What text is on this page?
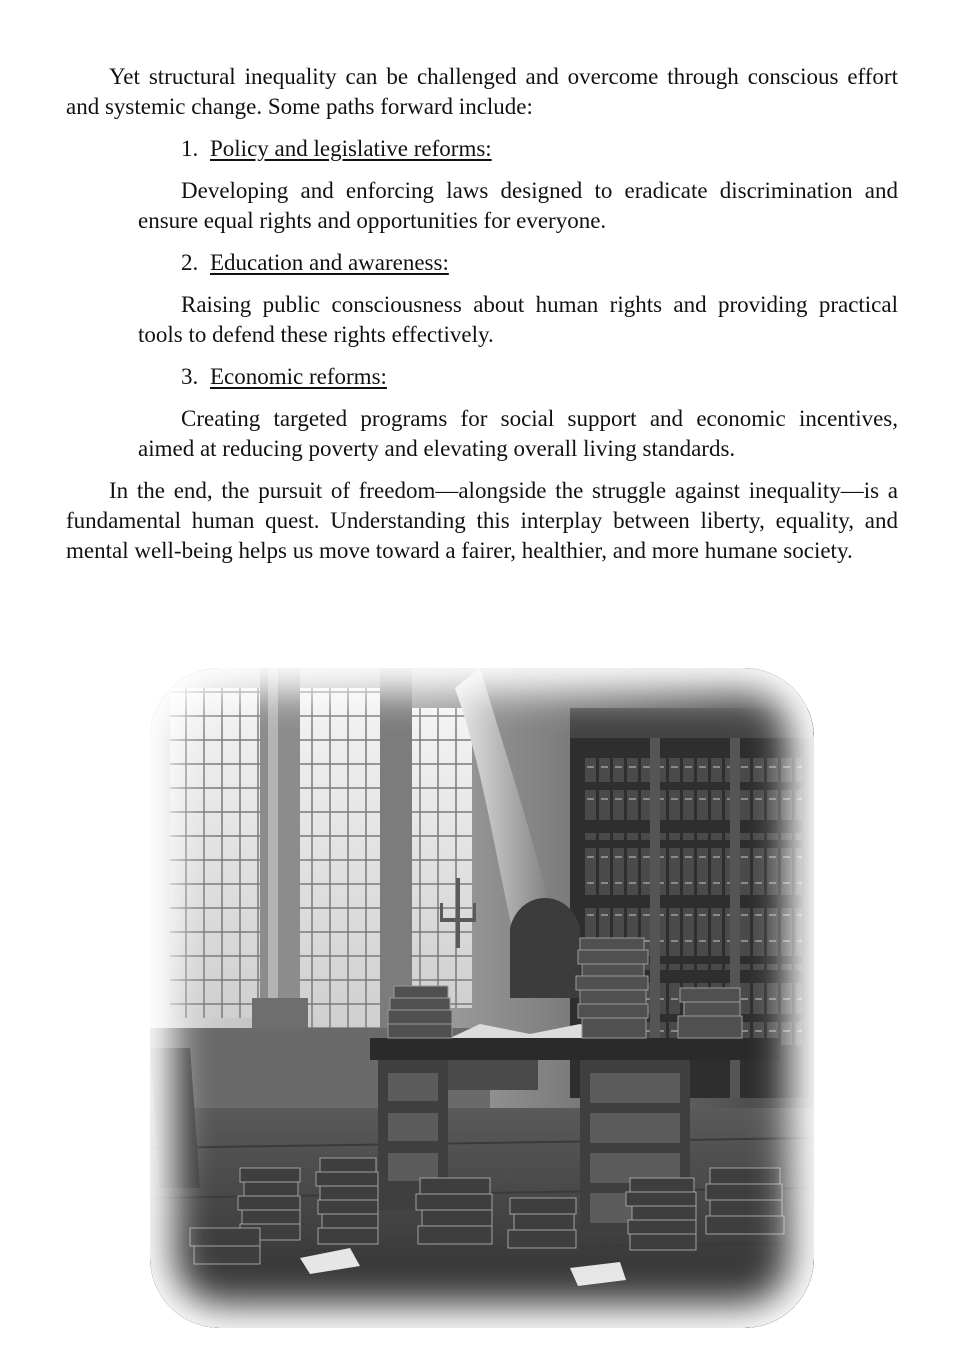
Yet structural inequality can be challenged and overcome through conscious effort and systemic change. Some paths forward include:

1. Policy and legislative reforms:

Developing and enforcing laws designed to eradicate discrimination and ensure equal rights and opportunities for everyone.

2. Education and awareness:

Raising public consciousness about human rights and providing practical tools to defend these rights effectively.

3. Economic reforms:

Creating targeted programs for social support and economic incentives, aimed at reducing poverty and elevating overall living standards.

In the end, the pursuit of freedom—alongside the struggle against inequality—is a fundamental human quest. Understanding this interplay between liberty, equality, and mental well-being helps us move toward a fairer, healthier, and more humane society.
